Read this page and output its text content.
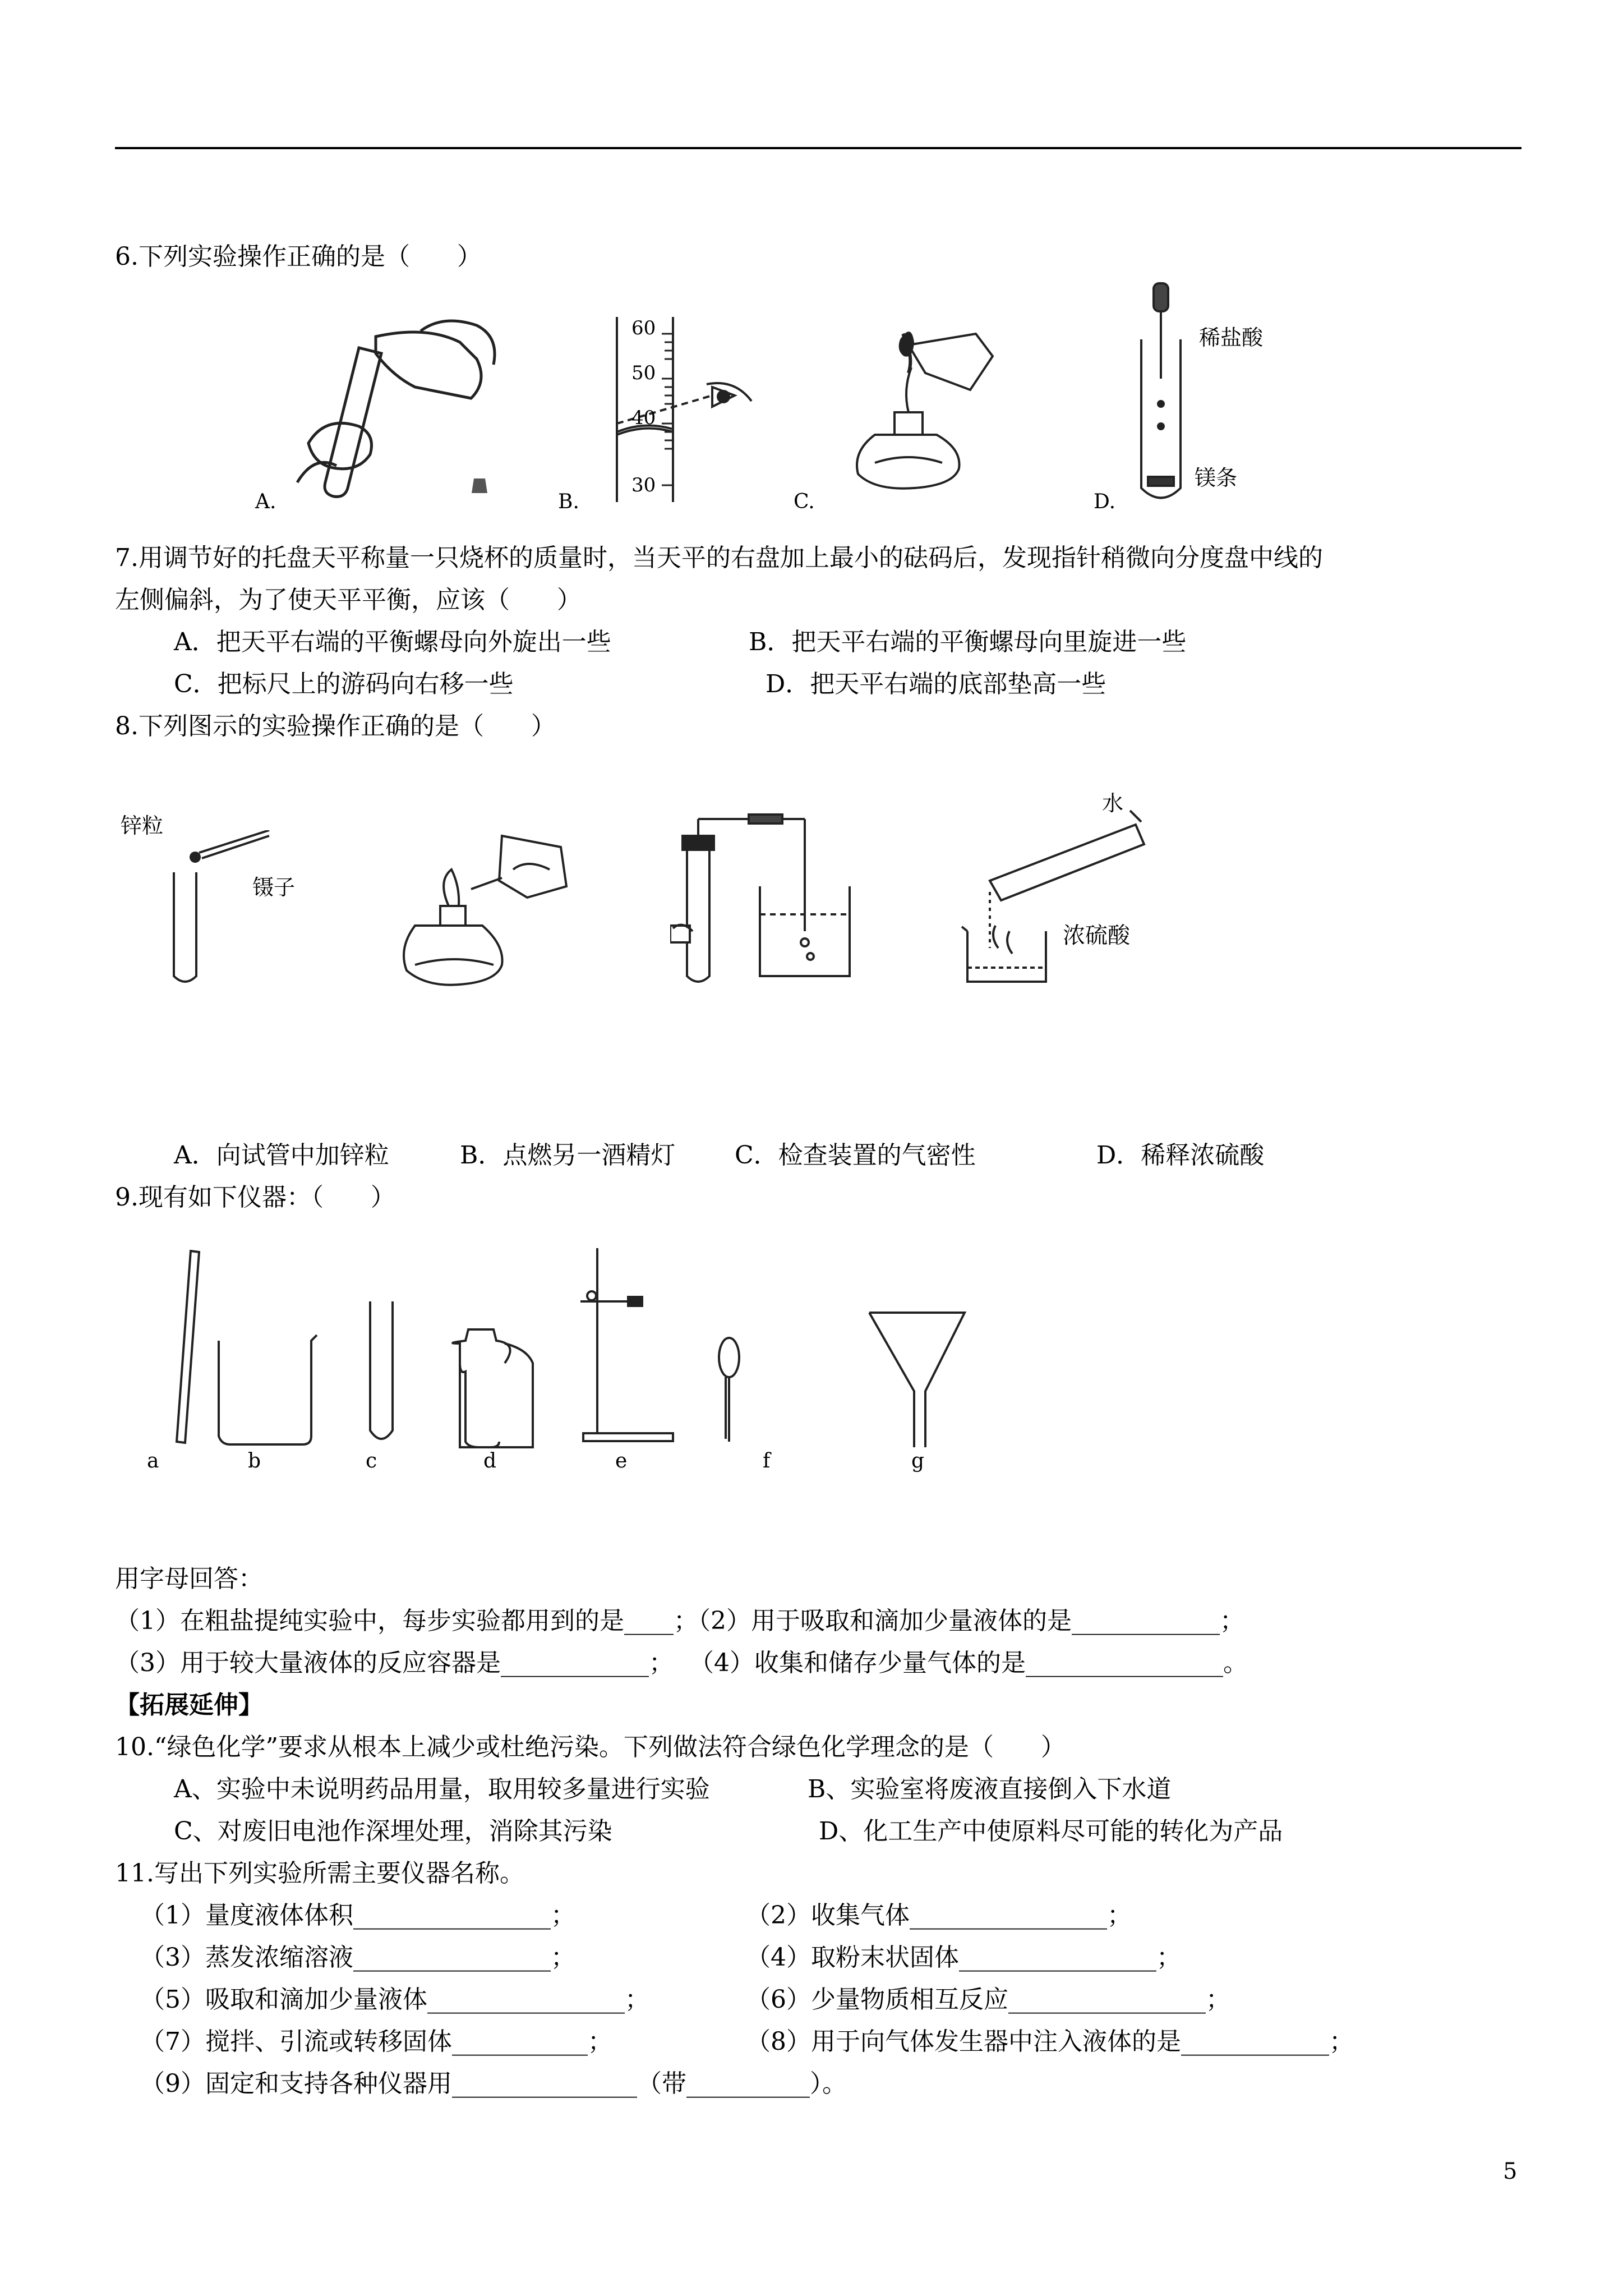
6.下列实验操作正确的是（      ）
A.
60
50
40
30
B.	C.
稀盐酸
镁条
D.
7.用调节好的托盘天平称量一只烧杯的质量时，当天平的右盘加上最小的砝码后，发现指针稍微向分度盘中线的
左侧偏斜，为了使天平平衡，应该（      ）
A．把天平右端的平衡螺母向外旋出一些	B．把天平右端的平衡螺母向里旋进一些
C．把标尺上的游码向右移一些	D．把天平右端的底部垫高一些
8.下列图示的实验操作正确的是（      ）
锌粒
镊子
水
浓硫酸
A．向试管中加锌粒	B．点燃另一酒精灯 C．检查装置的气密性	D．稀释浓硫酸
9.现有如下仪器：（      ）
a	b	c	d	e	f	g
用字母回答：
（1）在粗盐提纯实验中，每步实验都用到的是____；（2）用于吸取和滴加少量液体的是____________；
（3）用于较大量液体的反应容器是____________；  （4）收集和储存少量气体的是________________。
【拓展延伸】
10.“绿色化学”要求从根本上减少或杜绝污染。下列做法符合绿色化学理念的是（      ）
A、实验中未说明药品用量，取用较多量进行实验	B、实验室将废液直接倒入下水道
C、对废旧电池作深埋处理，消除其污染	D、化工生产中使原料尽可能的转化为产品
11.写出下列实验所需主要仪器名称。
（1）量度液体体积________________；	（2）收集气体________________；
（3）蒸发浓缩溶液________________；	（4）取粉末状固体________________；
（5）吸取和滴加少量液体________________；	（6）少量物质相互反应________________；
（7）搅拌、引流或转移固体___________；	（8）用于向气体发生器中注入液体的是____________；
（9）固定和支持各种仪器用_______________（带__________）。
5
